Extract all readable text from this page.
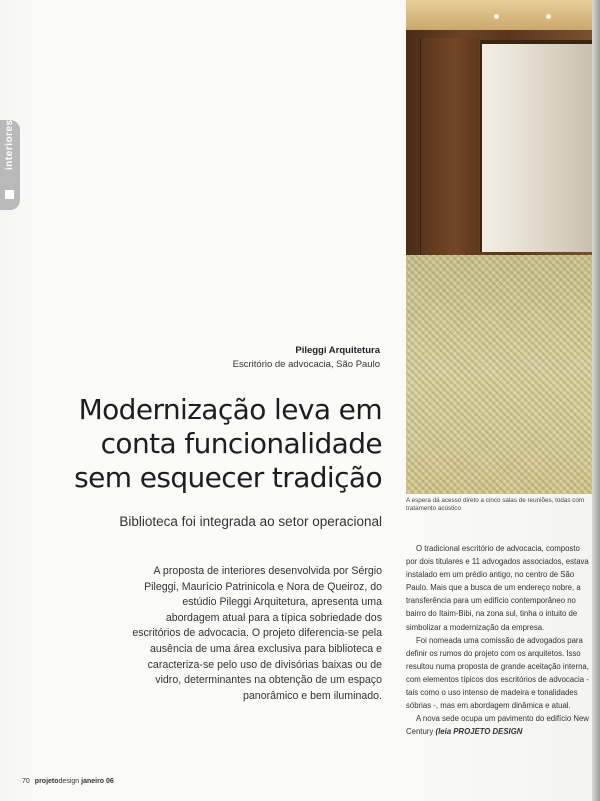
interiores
A espera dá acesso direto a cinco salas de reuniões, todas com tratamento acústico
Pileggi Arquitetura
Escritório de advocacia, São Paulo
Modernização leva em
conta funcionalidade
sem esquecer tradição
Biblioteca foi integrada ao setor operacional
A proposta de interiores desenvolvida por Sérgio Pileggi, Maurício Patrinicola e Nora de Queiroz, do estúdio Pileggi Arquitetura, apresenta uma abordagem atual para a típica sobriedade dos escritórios de advocacia. O projeto diferencia-se pela ausência de uma área exclusiva para biblioteca e caracteriza-se pelo uso de divisórias baixas ou de vidro, determinantes na obtenção de um espaço panorâmico e bem iluminado.

O tradicional escritório de advocacia, composto por dois titulares e 11 advogados associados, estava instalado em um prédio antigo, no centro de São Paulo. Mais que a busca de um endereço nobre, a transferência para um edifício contemporâneo no bairro do Itaim-Bibi, na zona sul, tinha o intuito de simbolizar a modernização da empresa.

Foi nomeada uma comissão de advogados para definir os rumos do projeto com os arquitetos. Isso resultou numa proposta de grande aceitação interna, com elementos típicos dos escritórios de advocacia - tais como o uso intenso de madeira e tonalidades sóbrias -, mas em abordagem dinâmica e atual.

A nova sede ocupa um pavimento do edifício New Century (leia PROJETO DESIGN

70 projetodesign janeiro 06
